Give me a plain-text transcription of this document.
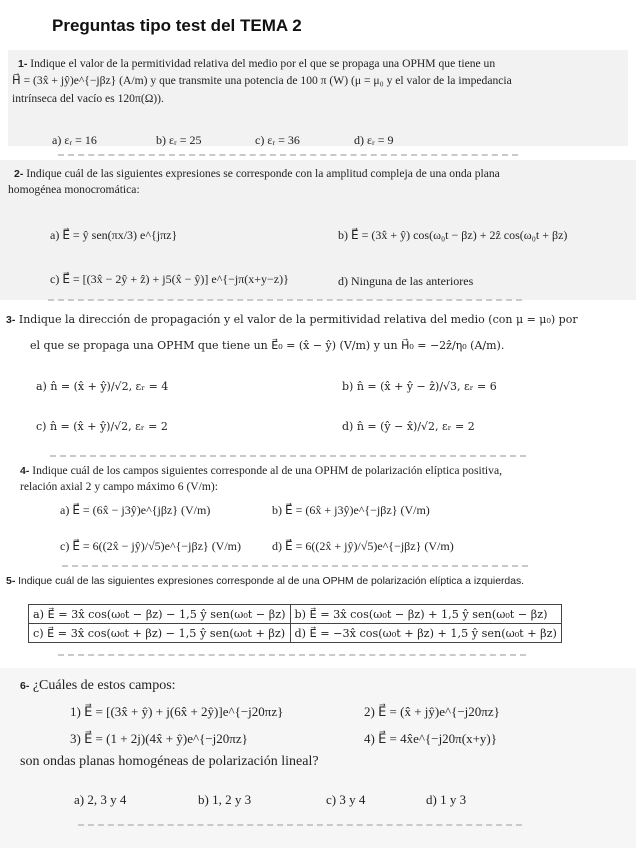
Preguntas tipo test del TEMA 2
1- Indique el valor de la permitividad relativa del medio por el que se propaga una OPHM que tiene un
H⃗ = (3x̂ + jŷ)e^{−jβz} (A/m) y que transmite una potencia de 100 π (W) (μ = μ₀ y el valor de la impedancia
intrínseca del vacío es 120π(Ω)).
a) εᵣ = 16	b) εᵣ = 25	c) εᵣ = 36	d) εᵣ = 9
2- Indique cuál de las siguientes expresiones se corresponde con la amplitud compleja de una onda plana
homogénea monocromática:
a) E⃗ = ŷ sen(πx/3) e^{jπz}	b) E⃗ = (3x̂ + ŷ) cos(ω₀t − βz) + 2ẑ cos(ω₀t + βz)
c) E⃗ = [(3x̂ − 2ŷ + ẑ) + j5(x̂ − ŷ)] e^{−jπ(x+y−z)}	d) Ninguna de las anteriores
3- Indique la dirección de propagación y el valor de la permitividad relativa del medio (con μ = μ₀) por
el que se propaga una OPHM que tiene un E⃗₀ = (x̂ − ŷ) (V/m) y un H⃗₀ = −2ẑ/η₀ (A/m).
a) n̂ = (x̂ + ŷ)/√2, εᵣ = 4	b) n̂ = (x̂ + ŷ − ẑ)/√3, εᵣ = 6
c) n̂ = (x̂ + ŷ)/√2, εᵣ = 2	d) n̂ = (ŷ − x̂)/√2, εᵣ = 2
4- Indique cuál de los campos siguientes corresponde al de una OPHM de polarización elíptica positiva,
relación axial 2 y campo máximo 6 (V/m):
a) E⃗ = (6x̂ − j3ŷ)e^{jβz} (V/m)	b) E⃗ = (6x̂ + j3ŷ)e^{−jβz} (V/m)
c) E⃗ = 6((2x̂ − jŷ)/√5)e^{−jβz} (V/m)	d) E⃗ = 6((2x̂ + jŷ)/√5)e^{−jβz} (V/m)
5- Indique cuál de las siguientes expresiones corresponde al de una OPHM de polarización elíptica a izquierdas.
a) E⃗ = 3x̂ cos(ω₀t − βz) − 1,5 ŷ sen(ω₀t − βz)	b) E⃗ = 3x̂ cos(ω₀t − βz) + 1,5 ŷ sen(ω₀t − βz)
c) E⃗ = 3x̂ cos(ω₀t + βz) − 1,5 ŷ sen(ω₀t + βz)	d) E⃗ = −3x̂ cos(ω₀t + βz) + 1,5 ŷ sen(ω₀t + βz)
6- ¿Cuáles de estos campos:
1) E⃗ = [(3x̂ + ŷ) + j(6x̂ + 2ŷ)]e^{−j20πz}	2) E⃗ = (x̂ + jŷ)e^{−j20πz}
3) E⃗ = (1 + 2j)(4x̂ + ŷ)e^{−j20πz}	4) E⃗ = 4x̂e^{−j20π(x+y)}
son ondas planas homogéneas de polarización lineal?
a) 2, 3 y 4	b) 1, 2 y 3	c) 3 y 4	d) 1 y 3
